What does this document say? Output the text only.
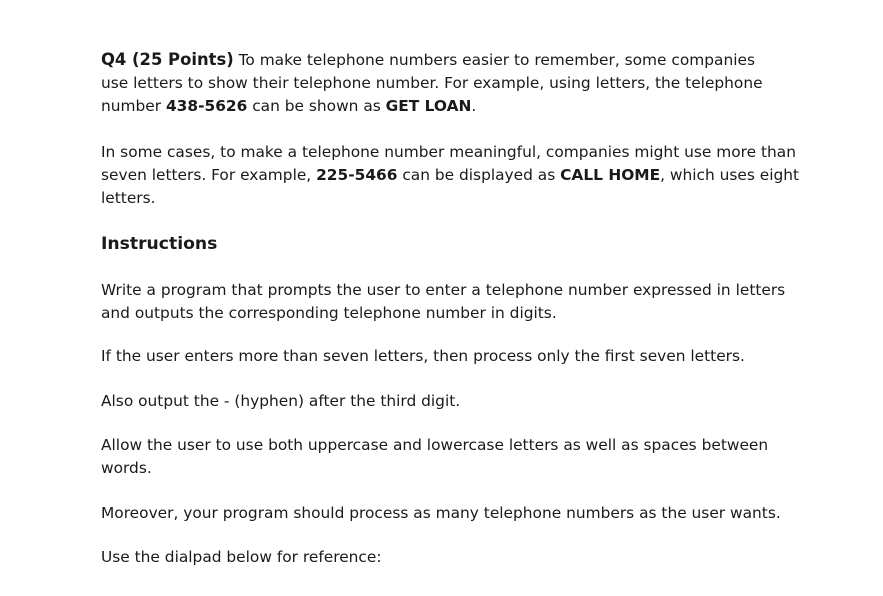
Q4 (25 Points) To make telephone numbers easier to remember, some companies use letters to show their telephone number. For example, using letters, the telephone number 438-5626 can be shown as GET LOAN.

In some cases, to make a telephone number meaningful, companies might use more than seven letters. For example, 225-5466 can be displayed as CALL HOME, which uses eight letters.

Instructions

Write a program that prompts the user to enter a telephone number expressed in letters and outputs the corresponding telephone number in digits.

If the user enters more than seven letters, then process only the first seven letters.

Also output the - (hyphen) after the third digit.

Allow the user to use both uppercase and lowercase letters as well as spaces between words.

Moreover, your program should process as many telephone numbers as the user wants.

Use the dialpad below for reference:
